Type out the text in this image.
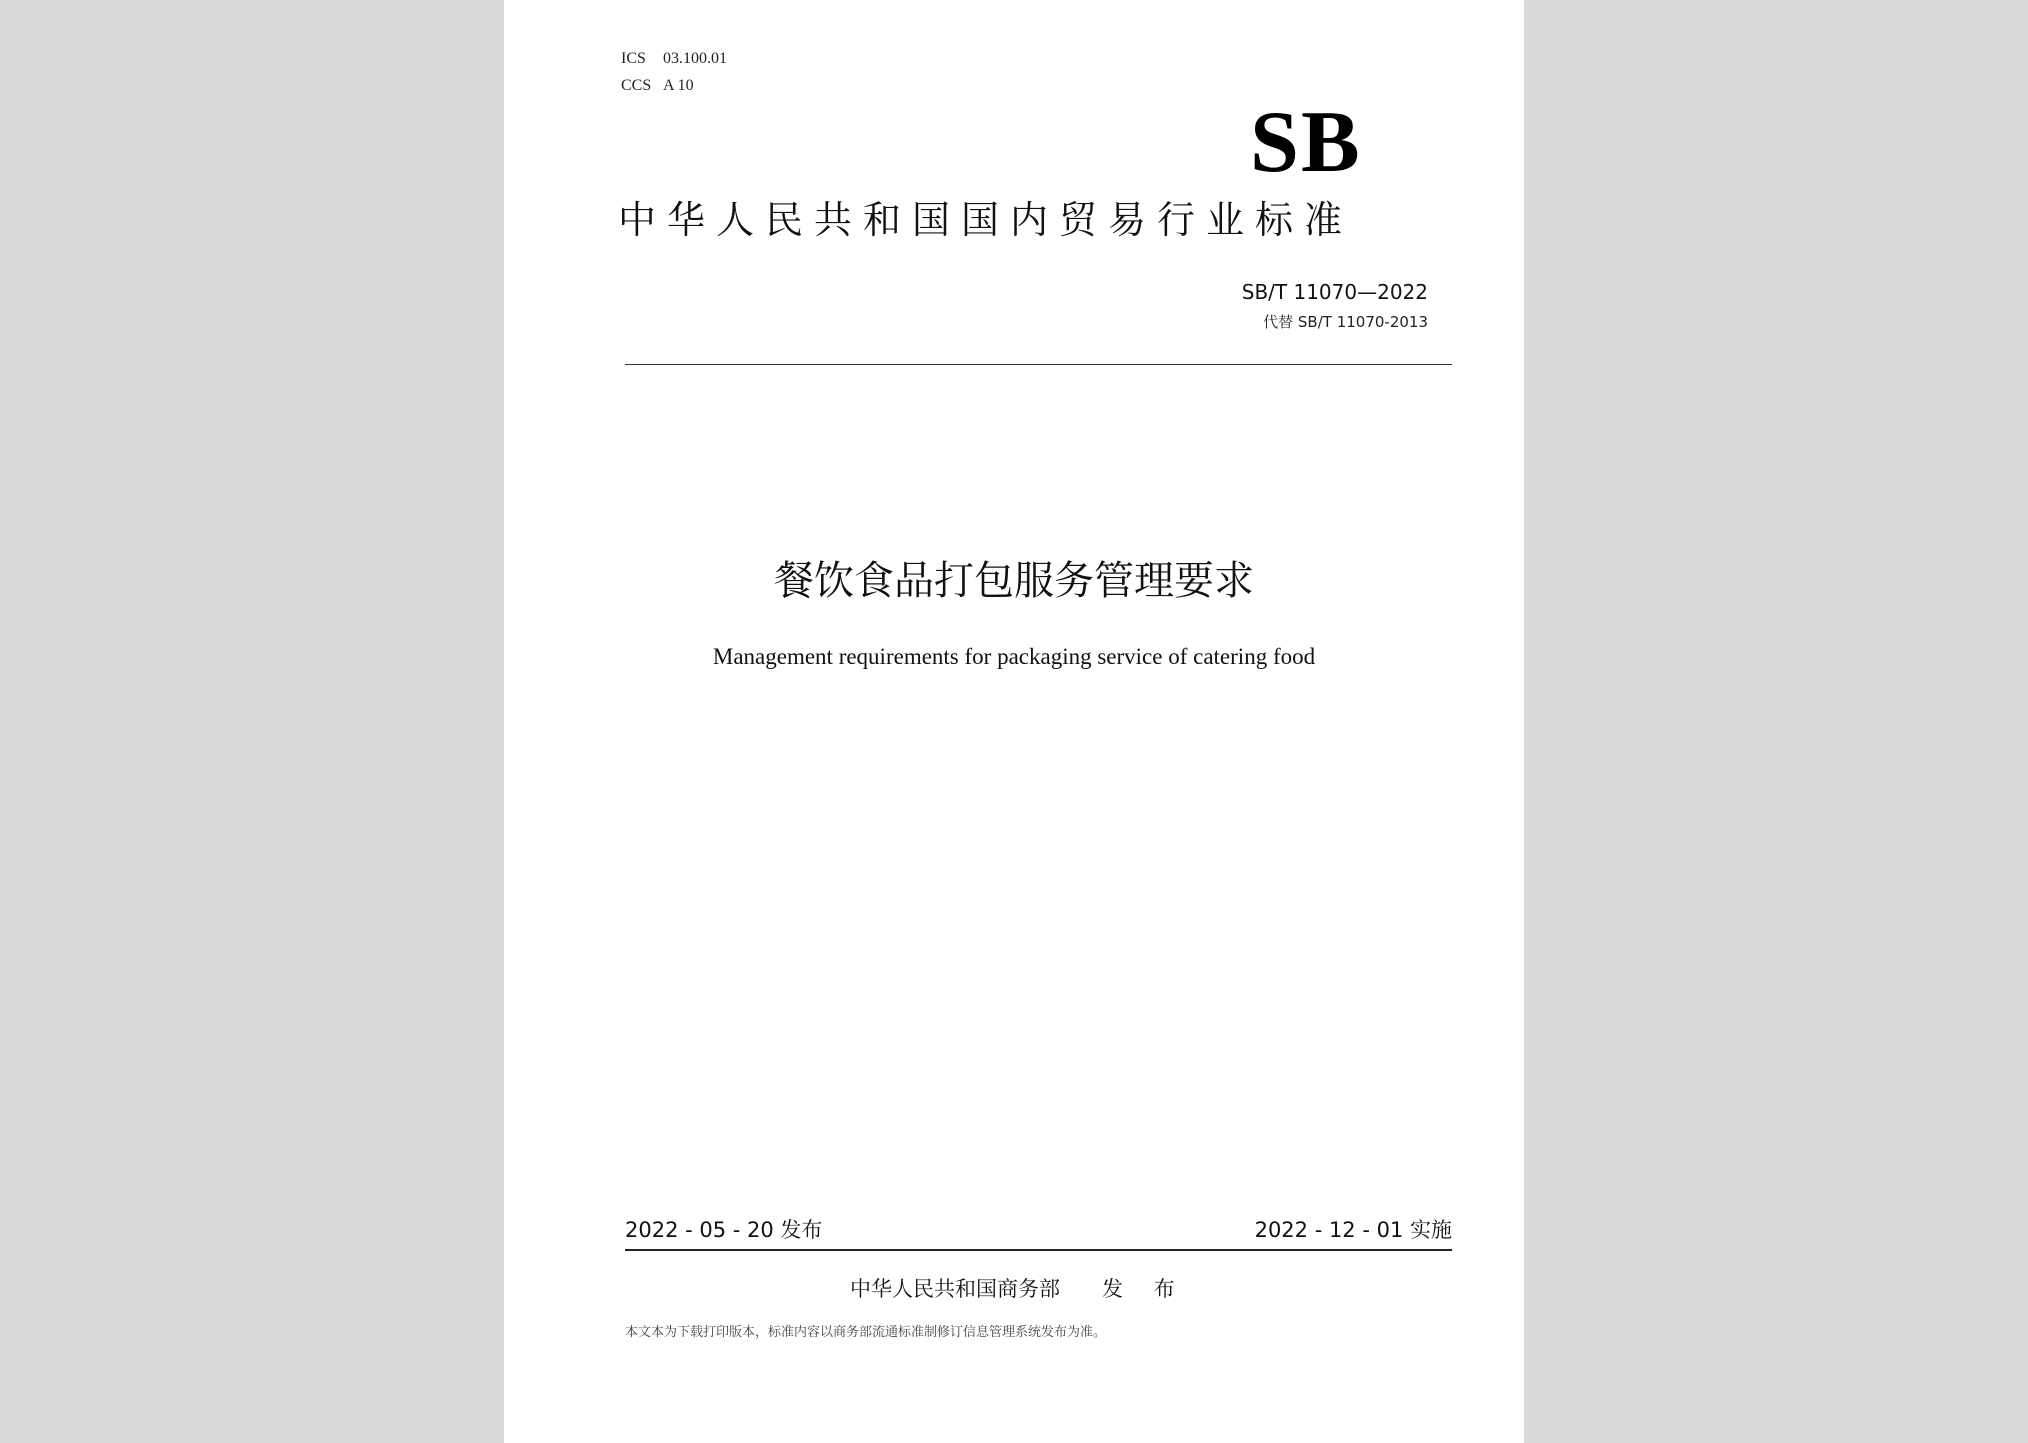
ICS 03.100.01
CCS A 10
SB
中华人民共和国国内贸易行业标准
SB/T 11070—2022
代替 SB/T 11070-2013
餐饮食品打包服务管理要求
Management requirements for packaging service of catering food
2022 - 05 - 20 发布	2022 - 12 - 01 实施
中华人民共和国商务部 发 布
本文本为下载打印版本，标准内容以商务部流通标准制修订信息管理系统发布为准。
